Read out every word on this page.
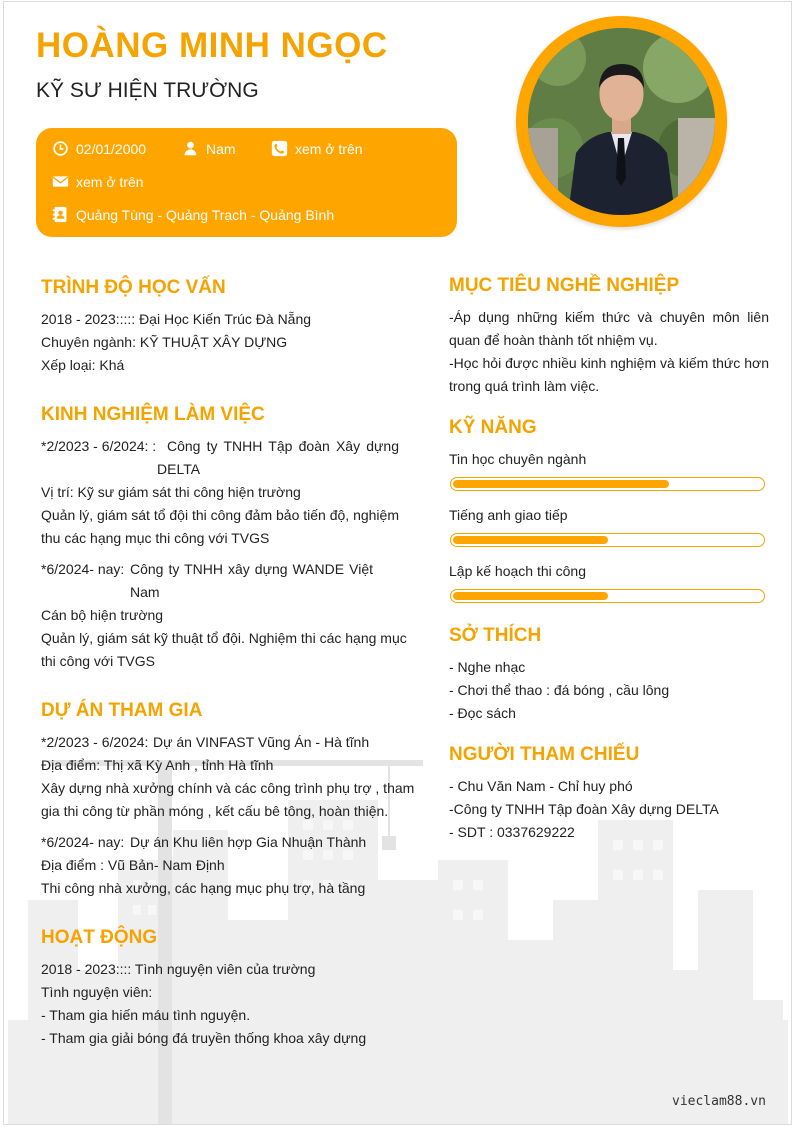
HOÀNG MINH NGỌC
KỸ SƯ HIỆN TRƯỜNG
02/01/2000	Nam	xem ở trên
xem ở trên
Quảng Tùng - Quảng Trạch - Quảng Bình
TRÌNH ĐỘ HỌC VẤN
2018 - 2023::::: Đại Học Kiến Trúc Đà Nẵng
Chuyên ngành: KỸ THUẬT XÂY DỰNG
Xếp loại: Khá
KINH NGHIỆM LÀM VIỆC
*2/2023 - 6/2024: : Công ty TNHH Tập đoàn Xây dựng
DELTA
Vị trí: Kỹ sư giám sát thi công hiện trường
Quản lý, giám sát tổ đội thi công đảm bảo tiến độ, nghiệm
thu các hạng mục thi công với TVGS
*6/2024- nay: Công ty TNHH xây dựng WANDE Việt
Nam
Cán bộ hiện trường
Quản lý, giám sát kỹ thuật tổ đội. Nghiệm thi các hạng mục
thi công với TVGS
DỰ ÁN THAM GIA
*2/2023 - 6/2024: Dự án VINFAST Vũng Án - Hà tĩnh
Địa điểm: Thị xã Kỳ Anh , tỉnh Hà tĩnh
Xây dựng nhà xưởng chính và các công trình phụ trợ , tham
gia thi công từ phần móng , kết cấu bê tông, hoàn thiện.
*6/2024- nay: Dự án Khu liên hợp Gia Nhuận Thành
Địa điểm : Vũ Bản- Nam Định
Thi công nhà xưởng, các hạng mục phụ trợ, hà tầng
HOẠT ĐỘNG
2018 - 2023:::: Tình nguyện viên của trường
Tình nguyện viên:
- Tham gia hiến máu tình nguyện.
- Tham gia giải bóng đá truyền thống khoa xây dựng
MỤC TIÊU NGHỀ NGHIỆP
-Áp dụng những kiếm thức và chuyên môn liên
quan để hoàn thành tốt nhiệm vụ.
-Học hỏi được nhiều kinh nghiệm và kiếm thức hơn
trong quá trình làm việc.
KỸ NĂNG
Tin học chuyên ngành
Tiếng anh giao tiếp
Lập kế hoạch thi công
SỞ THÍCH
- Nghe nhạc
- Chơi thể thao : đá bóng , cầu lông
- Đọc sách
NGƯỜI THAM CHIẾU
- Chu Văn Nam - Chỉ huy phó
-Công ty TNHH Tập đoàn Xây dựng DELTA
- SDT : 0337629222
vieclam88.vn
